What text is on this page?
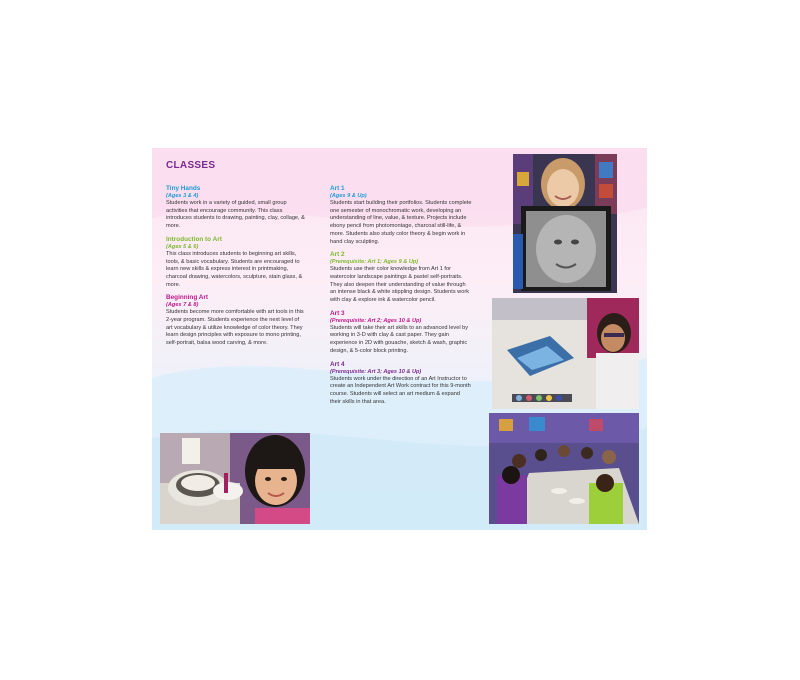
CLASSES
Tiny Hands
(Ages 3 & 4)
Students work in a variety of guided, small group activities that encourage community. This class introduces students to drawing, painting, clay, collage, & more.
Introduction to Art
(Ages 5 & 6)
This class introduces students to beginning art skills, tools, & basic vocabulary. Students are encouraged to learn new skills & express interest in printmaking, charcoal drawing, watercolors, sculpture, stain glass, & more.
Beginning Art
(Ages 7 & 8)
Students become more comfortable with art tools in this 2-year program. Students experience the next level of art vocabulary & utilize knowledge of color theory. They learn design principles with exposure to mono printing, self-portrait, balsa wood carving, & more.
Art 1
(Ages 9 & Up)
Students start building their portfolios. Students complete one semester of monochromatic work, developing an understanding of line, value, & texture. Projects include ebony pencil from photomontage, charcoal still-life, & more. Students also study color theory & begin work in hand clay sculpting.
Art 2
(Prerequisite: Art 1; Ages 9 & Up)
Students use their color knowledge from Art 1 for watercolor landscape paintings & pastel self-portraits. They also deepen their understanding of value through an intense black & white stippling design. Students work with clay & explore ink & watercolor pencil.
Art 3
(Prerequisite: Art 2; Ages 10 & Up)
Students will take their art skills to an advanced level by working in 3-D with clay & cast paper. They gain experience in 2D with gouache, sketch & wash, graphic design, & 5-color block printing.
Art 4
(Prerequisite: Art 3; Ages 10 & Up)
Students work under the direction of an Art Instructor to create an Independent Art Work contract for this 9-month course. Students will select an art medium & expand their skills in that area.
